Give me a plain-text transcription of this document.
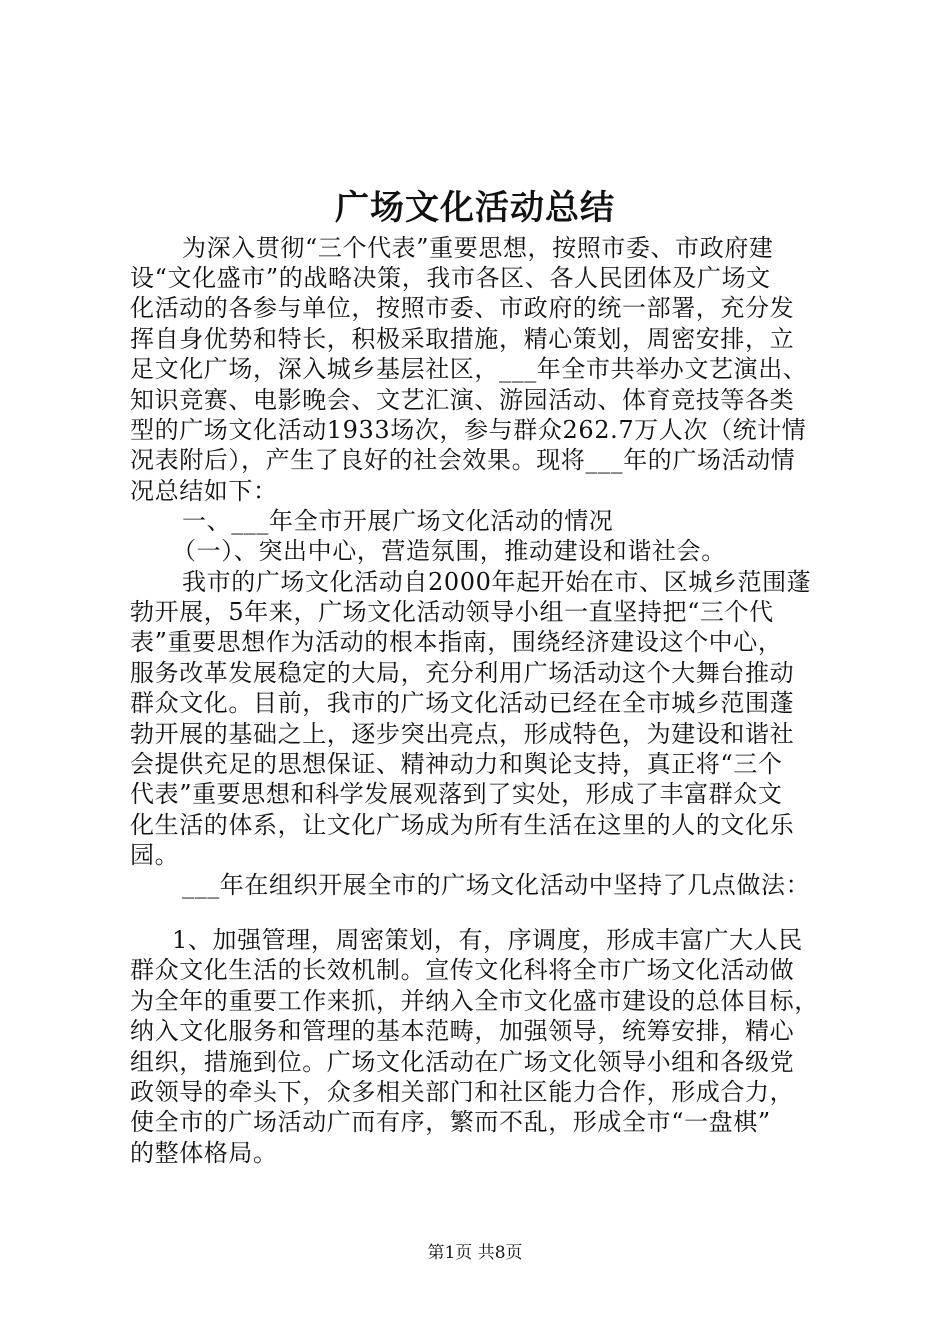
广场文化活动总结
为深入贯彻“三个代表”重要思想，按照市委、市政府建
设“文化盛市”的战略决策，我市各区、各人民团体及广场文
化活动的各参与单位，按照市委、市政府的统一部署，充分发
挥自身优势和特长，积极采取措施，精心策划，周密安排，立
足文化广场，深入城乡基层社区，___年全市共举办文艺演出、
知识竞赛、电影晚会、文艺汇演、游园活动、体育竞技等各类
型的广场文化活动1933场次，参与群众262.7万人次（统计情
况表附后），产生了良好的社会效果。现将___年的广场活动情
况总结如下：
一、___年全市开展广场文化活动的情况
（一）、突出中心，营造氛围，推动建设和谐社会。
我市的广场文化活动自2000年起开始在市、区城乡范围蓬
勃开展，5年来，广场文化活动领导小组一直坚持把“三个代
表”重要思想作为活动的根本指南，围绕经济建设这个中心，
服务改革发展稳定的大局，充分利用广场活动这个大舞台推动
群众文化。目前，我市的广场文化活动已经在全市城乡范围蓬
勃开展的基础之上，逐步突出亮点，形成特色，为建设和谐社
会提供充足的思想保证、精神动力和舆论支持，真正将“三个
代表”重要思想和科学发展观落到了实处，形成了丰富群众文
化生活的体系，让文化广场成为所有生活在这里的人的文化乐
园。
___年在组织开展全市的广场文化活动中坚持了几点做法：
1、加强管理，周密策划，有，序调度，形成丰富广大人民
群众文化生活的长效机制。宣传文化科将全市广场文化活动做
为全年的重要工作来抓，并纳入全市文化盛市建设的总体目标，
纳入文化服务和管理的基本范畴，加强领导，统筹安排，精心
组织，措施到位。广场文化活动在广场文化领导小组和各级党
政领导的牵头下，众多相关部门和社区能力合作，形成合力，
使全市的广场活动广而有序，繁而不乱，形成全市“一盘棋”
的整体格局。
第1页 共8页
